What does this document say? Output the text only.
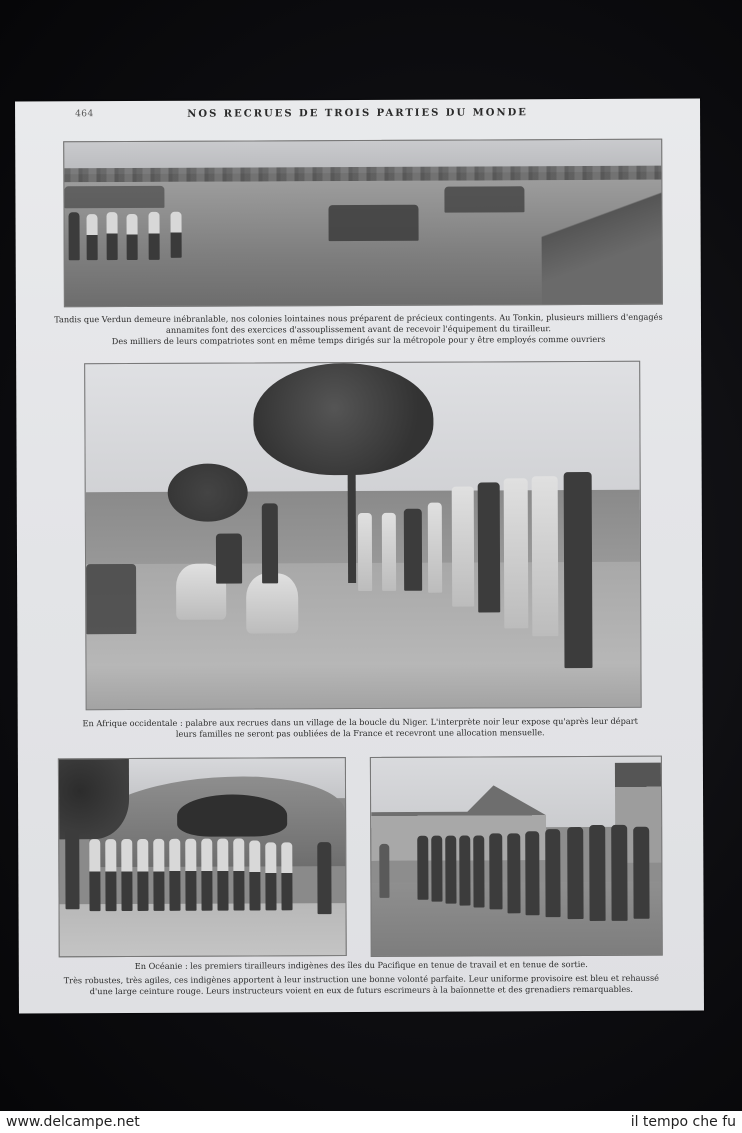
464	NOS RECRUES DE TROIS PARTIES DU MONDE

Tandis que Verdun demeure inébranlable, nos colonies lointaines nous préparent de précieux contingents. Au Tonkin, plusieurs milliers d'engagés

annamites font des exercices d'assouplissement avant de recevoir l'équipement du tirailleur.

Des milliers de leurs compatriotes sont en même temps dirigés sur la métropole pour y être employés comme ouvriers

En Afrique occidentale : palabre aux recrues dans un village de la boucle du Niger. L'interprète noir leur expose qu'après leur départ

leurs familles ne seront pas oubliées de la France et recevront une allocation mensuelle.

En Océanie : les premiers tirailleurs indigènes des îles du Pacifique en tenue de travail et en tenue de sortie.

Très robustes, très agiles, ces indigènes apportent à leur instruction une bonne volonté parfaite. Leur uniforme provisoire est bleu et rehaussé

d'une large ceinture rouge. Leurs instructeurs voient en eux de futurs escrimeurs à la baïonnette et des grenadiers remarquables.

www.delcampe.net	il tempo che fu
